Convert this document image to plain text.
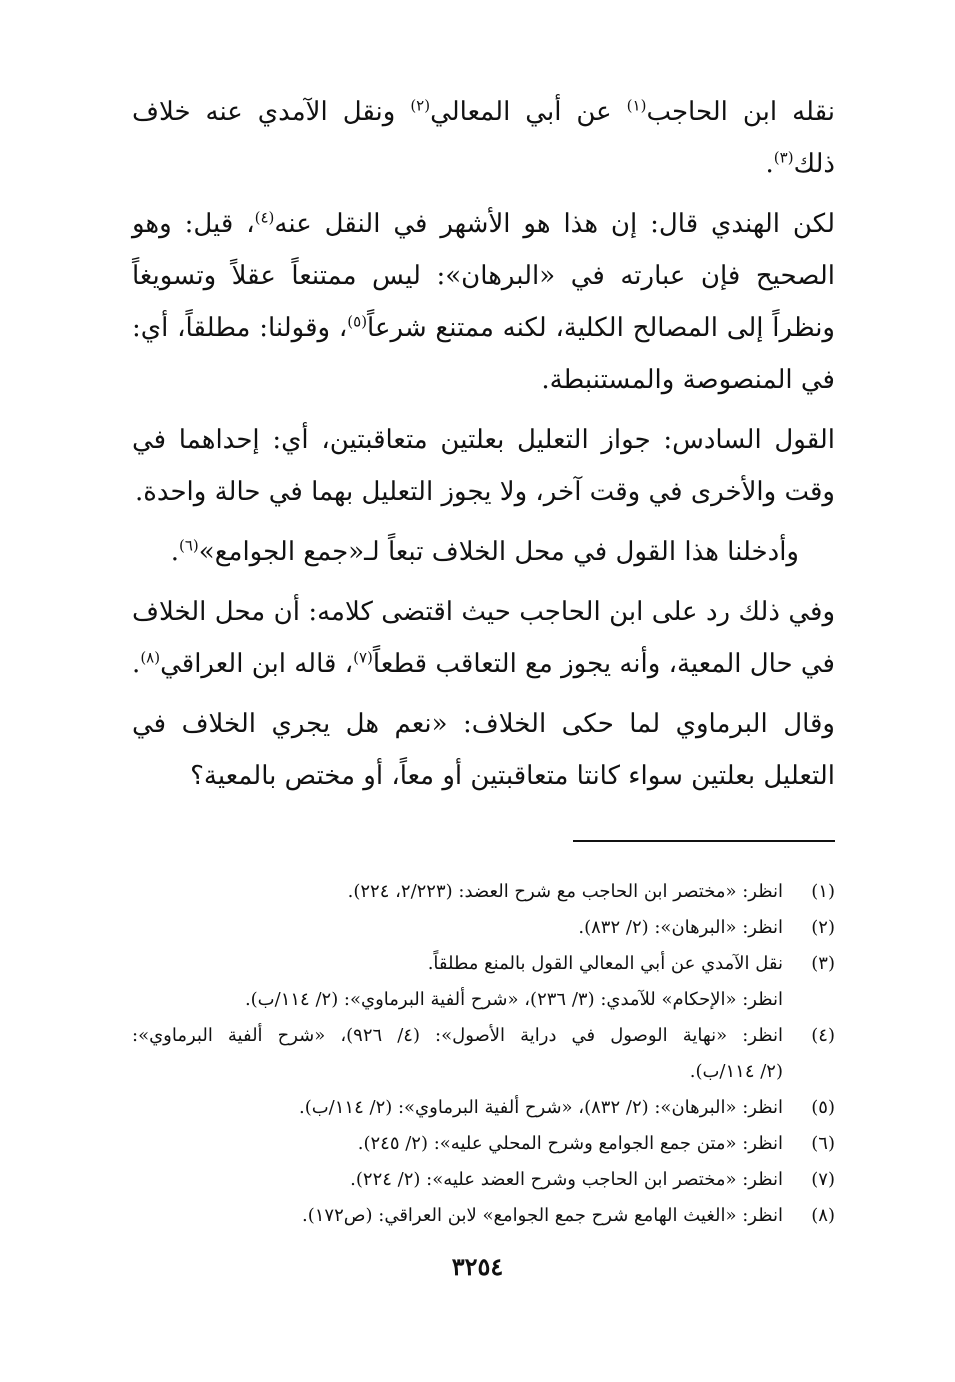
نقله ابن الحاجب$^{(١)}$ عن أبي المعالي$^{(٢)}$ ونقل الآمدي عنه خلاف ذلك$^{(٣)}$.

لكن الهندي قال: إن هذا هو الأشهر في النقل عنه$^{(٤)}$، قيل: وهو الصحيح فإن عبارته في «البرهان»: ليس ممتنعاً عقلاً وتسويغاً ونظراً إلى المصالح الكلية، لكنه ممتنع شرعاً$^{(٥)}$، وقولنا: مطلقاً، أي: في المنصوصة والمستنبطة.

القول السادس: جواز التعليل بعلتين متعاقبتين، أي: إحداهما في وقت والأخرى في وقت آخر، ولا يجوز التعليل بهما في حالة واحدة.

وأدخلنا هذا القول في محل الخلاف تبعاً لـ«جمع الجوامع»$^{(٦)}$.

وفي ذلك رد على ابن الحاجب حيث اقتضى كلامه: أن محل الخلاف في حال المعية، وأنه يجوز مع التعاقب قطعاً$^{(٧)}$، قاله ابن العراقي$^{(٨)}$.

وقال البرماوي لما حكى الخلاف: «نعم هل يجري الخلاف في التعليل بعلتين سواء كانتا متعاقبتين أو معاً، أو مختص بالمعية؟

(١)
انظر: «مختصر ابن الحاجب مع شرح العضد: (٢/٢٢٣، ٢٢٤).
(٢)
انظر: «البرهان»: (٢/ ٨٣٢).
(٣)
نقل الآمدي عن أبي المعالي القول بالمنع مطلقاً.
انظر: «الإحكام» للآمدي: (٣/ ٢٣٦)، «شرح ألفية البرماوي»: (٢/ ١١٤/ب).
(٤)
انظر: «نهاية الوصول في دراية الأصول»: (٤/ ٩٢٦)، «شرح ألفية البرماوي»:
(٢/ ١١٤/ب).
(٥)
انظر: «البرهان»: (٢/ ٨٣٢)، «شرح ألفية البرماوي»: (٢/ ١١٤/ب).
(٦)
انظر: «متن جمع الجوامع وشرح المحلي عليه»: (٢/ ٢٤٥).
(٧)
انظر: «مختصر ابن الحاجب وشرح العضد عليه»: (٢/ ٢٢٤).
(٨)
انظر: «الغيث الهامع شرح جمع الجوامع» لابن العراقي: (ص١٧٢).
٣٢٥٤
